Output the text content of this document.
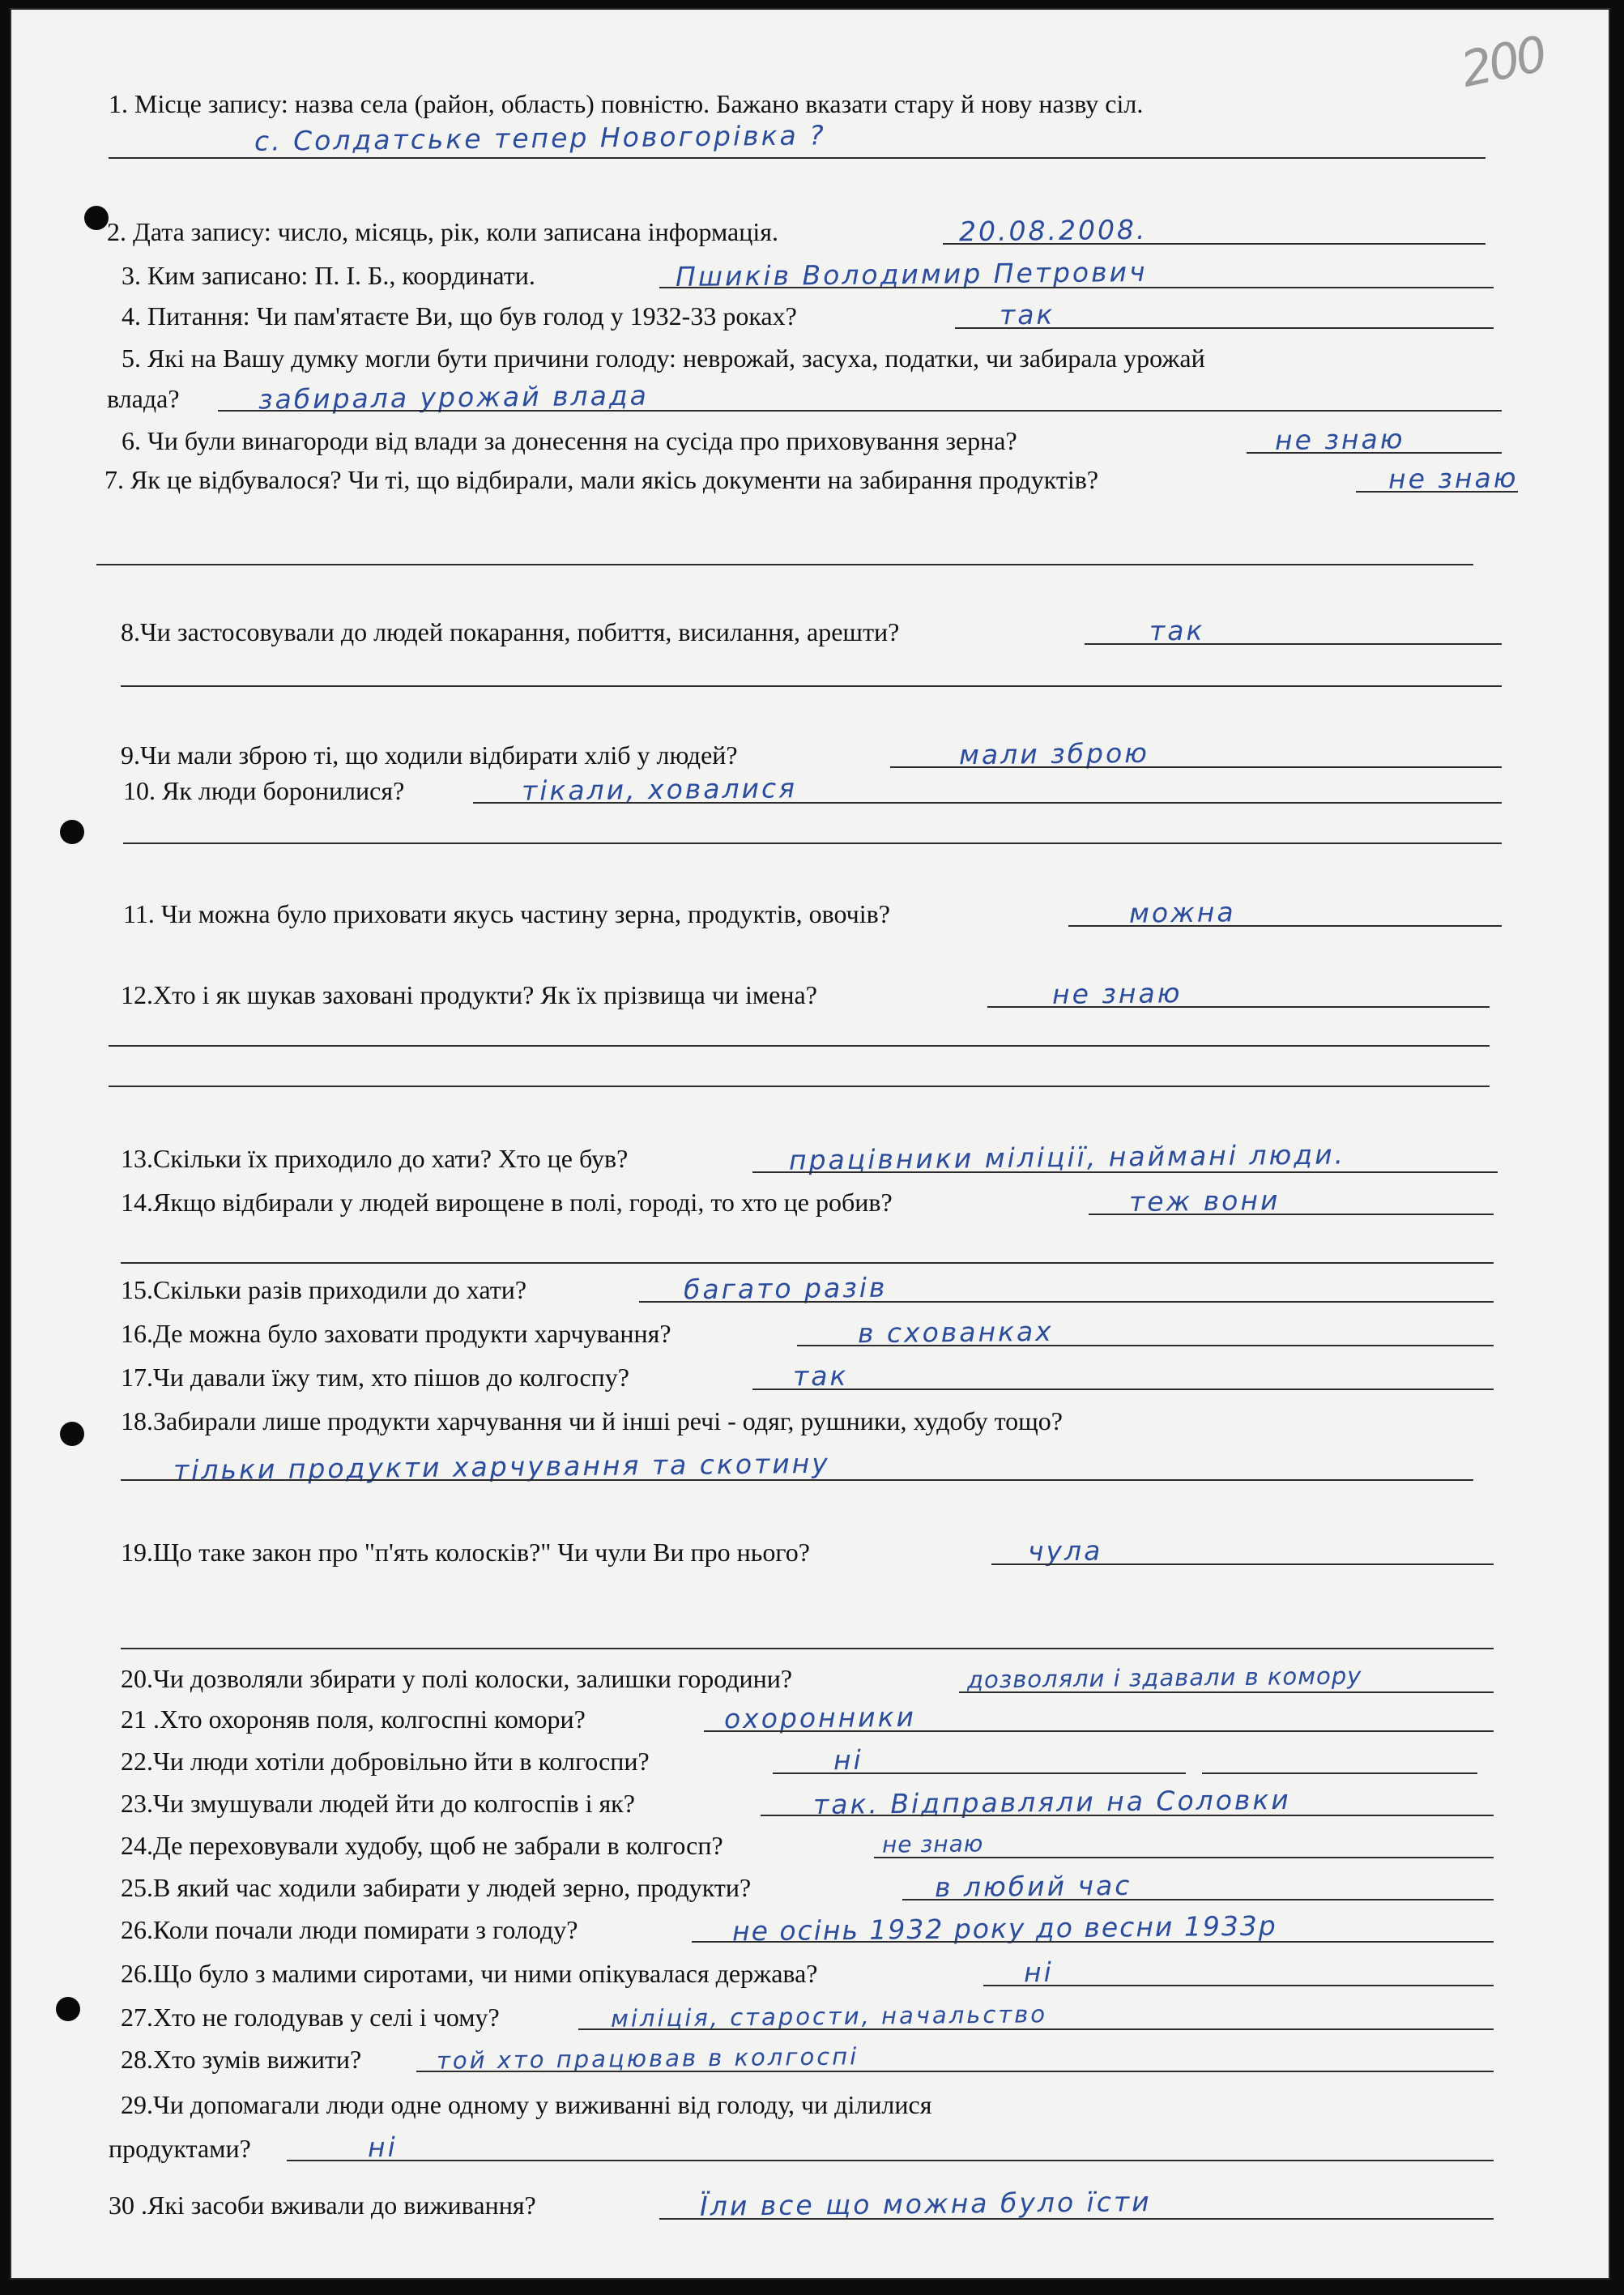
200
1. Місце запису: назва села (район, область) повністю. Бажано вказати стару й нову назву сіл.
с. Солдатське тепер Новогорівка ?
2. Дата запису: число, місяць, рік, коли записана інформація.	20.08.2008.
3. Ким записано: П. І. Б., координати.	Пшиків Володимир Петрович
4. Питання: Чи пам'ятаєте Ви, що був голод у 1932-33 роках?	так
5. Які на Вашу думку могли бути причини голоду: неврожай, засуха, податки, чи забирала урожай
влада?	забирала урожай влада
6. Чи були винагороди від влади за донесення на сусіда про приховування зерна?	не знаю
7. Як це відбувалося? Чи ті, що відбирали, мали якісь документи на забирання продуктів?	не знаю
8.Чи застосовували до людей покарання, побиття, висилання, арешти?	так
9.Чи мали зброю ті, що ходили відбирати хліб у людей?	мали зброю
10. Як люди боронилися?	тікали, ховалися
11. Чи можна було приховати якусь частину зерна, продуктів, овочів?	можна
12.Хто і як шукав заховані продукти? Як їх прізвища чи імена?	не знаю
13.Скільки їх приходило до хати? Хто це був?	працівники міліції, наймані люди.
14.Якщо відбирали у людей вирощене в полі, городі, то хто це робив?	теж вони
15.Скільки разів приходили до хати?	багато разів
16.Де можна було заховати продукти харчування?	в схованках
17.Чи давали їжу тим, хто пішов до колгоспу?	так
18.Забирали лише продукти харчування чи й інші речі - одяг, рушники, худобу тощо?
тільки продукти харчування та скотину
19.Що таке закон про "п'ять колосків?" Чи чули Ви про нього?	чула
20.Чи дозволяли збирати у полі колоски, залишки городини?	дозволяли і здавали в комору
21 .Хто охороняв поля, колгоспні комори?	охоронники
22.Чи люди хотіли добровільно йти в колгоспи?	ні
23.Чи змушували людей йти до колгоспів і як?	так. Відправляли на Соловки
24.Де переховували худобу, щоб не забрали в колгосп?	не знаю
25.В який час ходили забирати у людей зерно, продукти?	в любий час
26.Коли почали люди помирати з голоду?	не осінь 1932 року до весни 1933р
26.Що було з малими сиротами, чи ними опікувалася держава?	ні
27.Хто не голодував у селі і чому?	міліція, старости, начальство
28.Хто зумів вижити?	той хто працював в колгоспі
29.Чи допомагали люди одне одному у виживанні від голоду, чи ділилися
продуктами?	ні
30 .Які засоби вживали до виживання?	Їли все що можна було їсти
